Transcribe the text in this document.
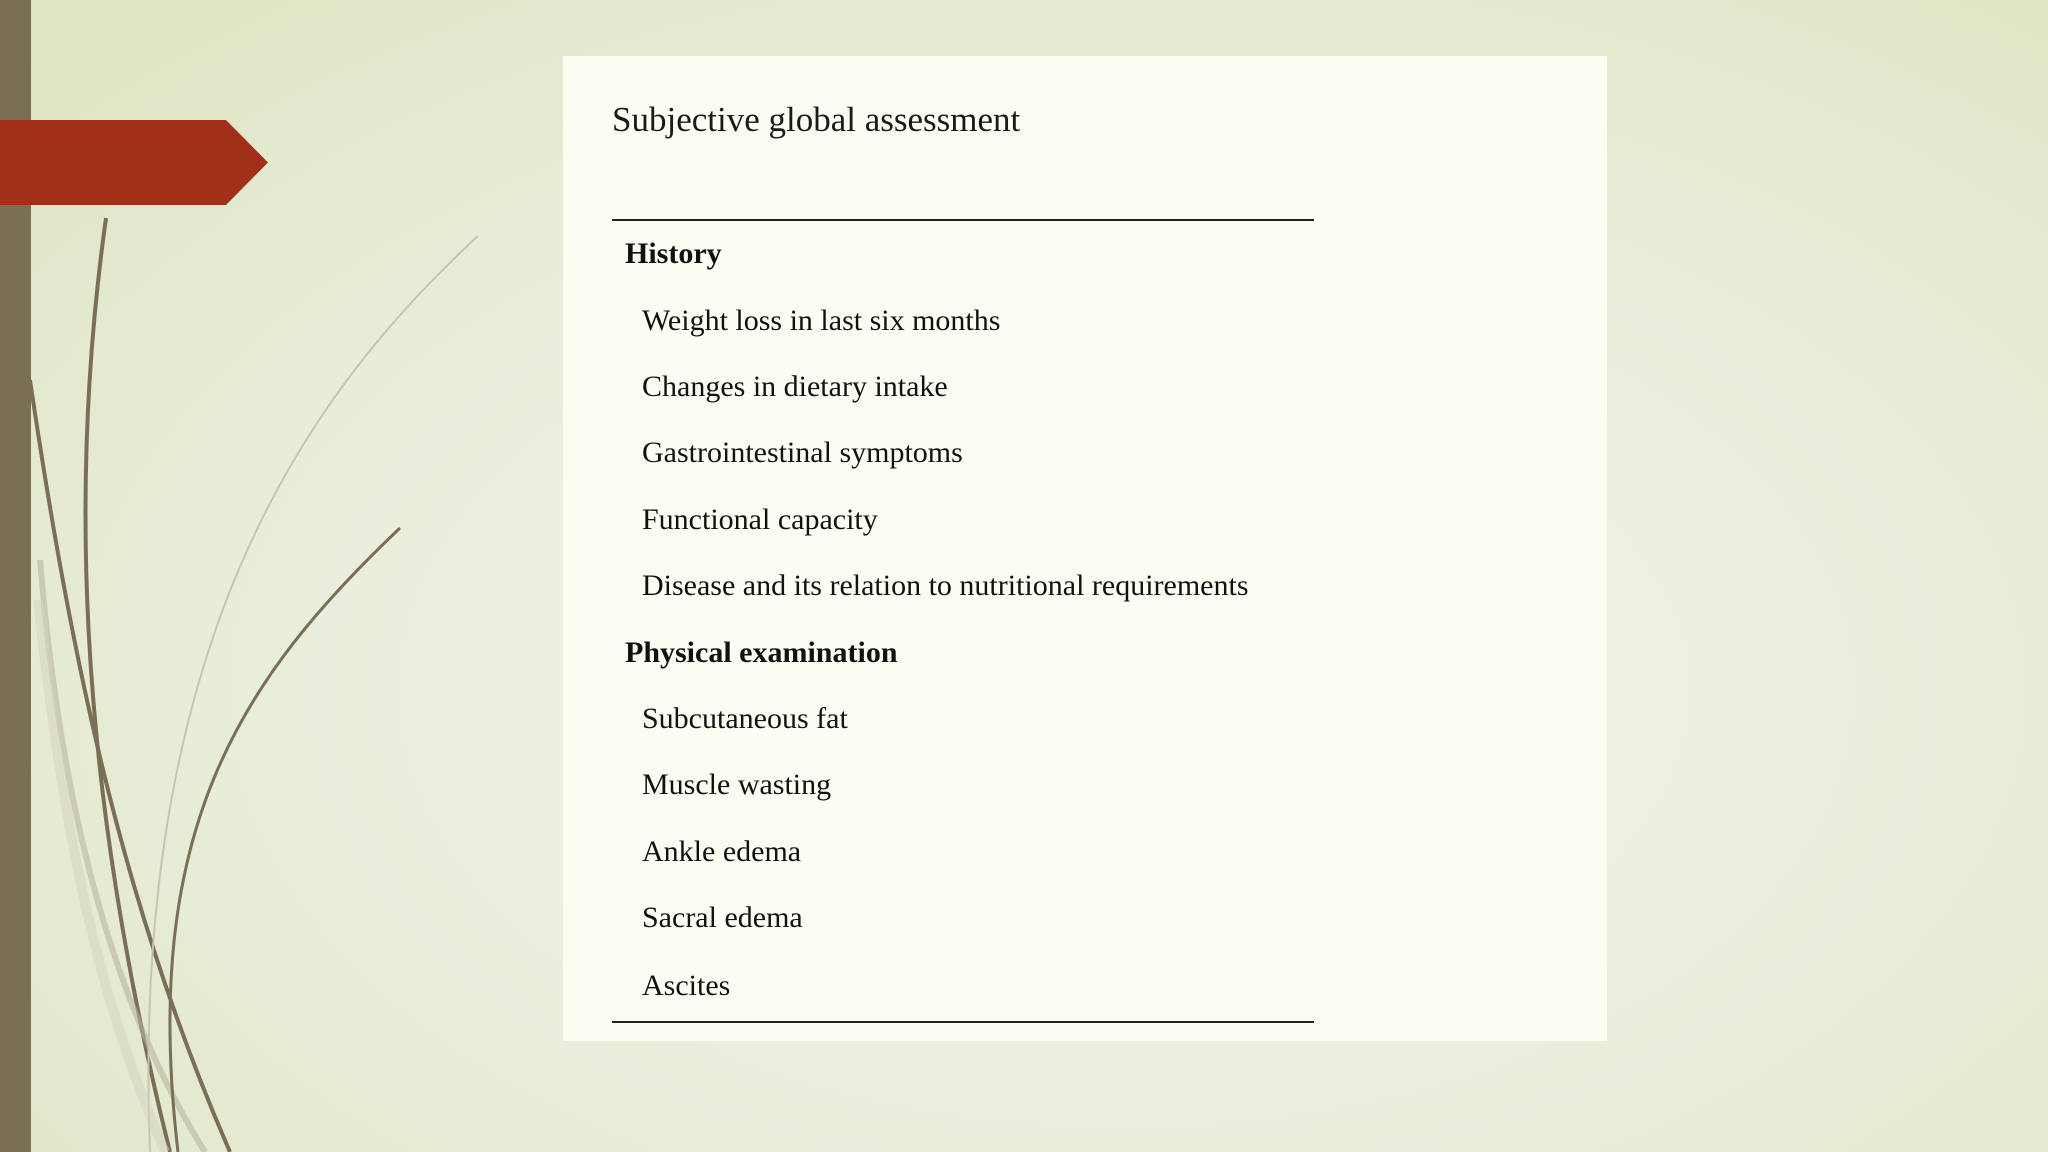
Subjective global assessment
History
Weight loss in last six months
Changes in dietary intake
Gastrointestinal symptoms
Functional capacity
Disease and its relation to nutritional requirements
Physical examination
Subcutaneous fat
Muscle wasting
Ankle edema
Sacral edema
Ascites
